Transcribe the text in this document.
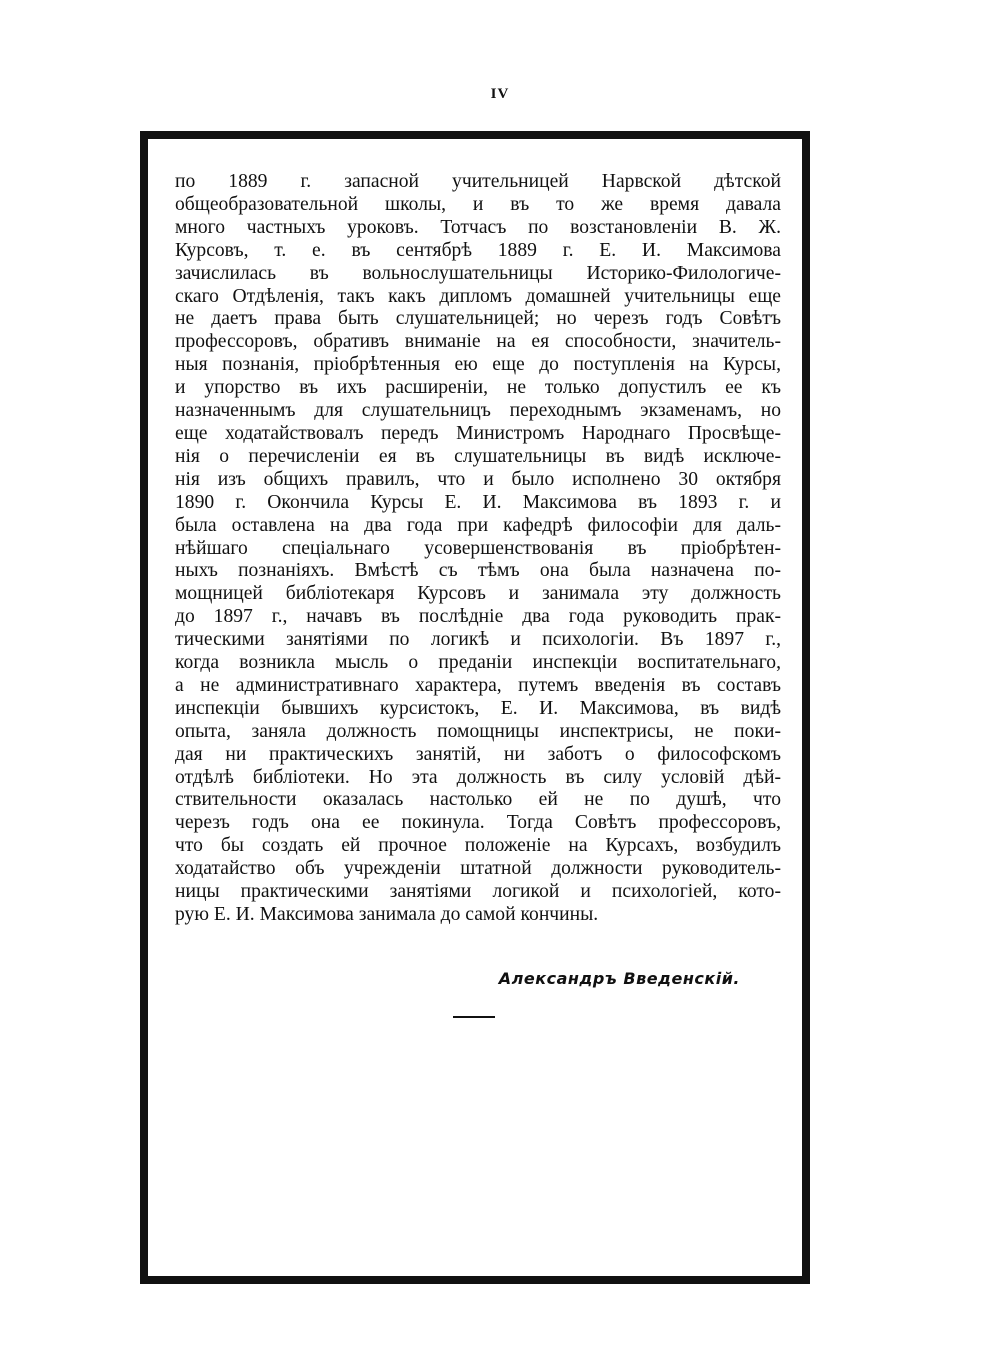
IV
по 1889 г. запасной учительницей Нарвской дѣтской
общеобразовательной школы, и въ то же время давала
много частныхъ уроковъ. Тотчасъ по возстановленіи В. Ж.
Курсовъ, т. е. въ сентябрѣ 1889 г. Е. И. Максимова
зачислилась въ вольнослушательницы Историко-Филологиче-
скаго Отдѣленія, такъ какъ дипломъ домашней учительницы еще
не даетъ права быть слушательницей; но черезъ годъ Совѣтъ
профессоровъ, обративъ вниманіе на ея способности, значитель-
ныя познанія, пріобрѣтенныя ею еще до поступленія на Курсы,
и упорство въ ихъ расширеніи, не только допустилъ ее къ
назначеннымъ для слушательницъ переходнымъ экзаменамъ, но
еще ходатайствовалъ передъ Министромъ Народнаго Просвѣще-
нія о перечисленіи ея въ слушательницы въ видѣ исключе-
нія изъ общихъ правилъ, что и было исполнено 30 октября
1890 г. Окончила Курсы Е. И. Максимова въ 1893 г. и
была оставлена на два года при кафедрѣ философіи для даль-
нѣйшаго спеціальнаго усовершенствованія въ пріобрѣтен-
ныхъ познаніяхъ. Вмѣстѣ съ тѣмъ она была назначена по-
мощницей библіотекаря Курсовъ и занимала эту должность
до 1897 г., начавъ въ послѣдніе два года руководить прак-
тическими занятіями по логикѣ и психологіи. Въ 1897 г.,
когда возникла мысль о преданіи инспекціи воспитательнаго,
а не административнаго характера, путемъ введенія въ составъ
инспекціи бывшихъ курсистокъ, Е. И. Максимова, въ видѣ
опыта, заняла должность помощницы инспектрисы, не поки-
дая ни практическихъ занятій, ни заботъ о философскомъ
отдѣлѣ библіотеки. Но эта должность въ силу условій дѣй-
ствительности оказалась настолько ей не по душѣ, что
черезъ годъ она ее покинула. Тогда Совѣтъ профессоровъ,
что бы создать ей прочное положеніе на Курсахъ, возбудилъ
ходатайство объ учрежденіи штатной должности руководитель-
ницы практическими занятіями логикой и психологіей, кото-
рую Е. И. Максимова занимала до самой кончины.
Александръ Введенскій.
